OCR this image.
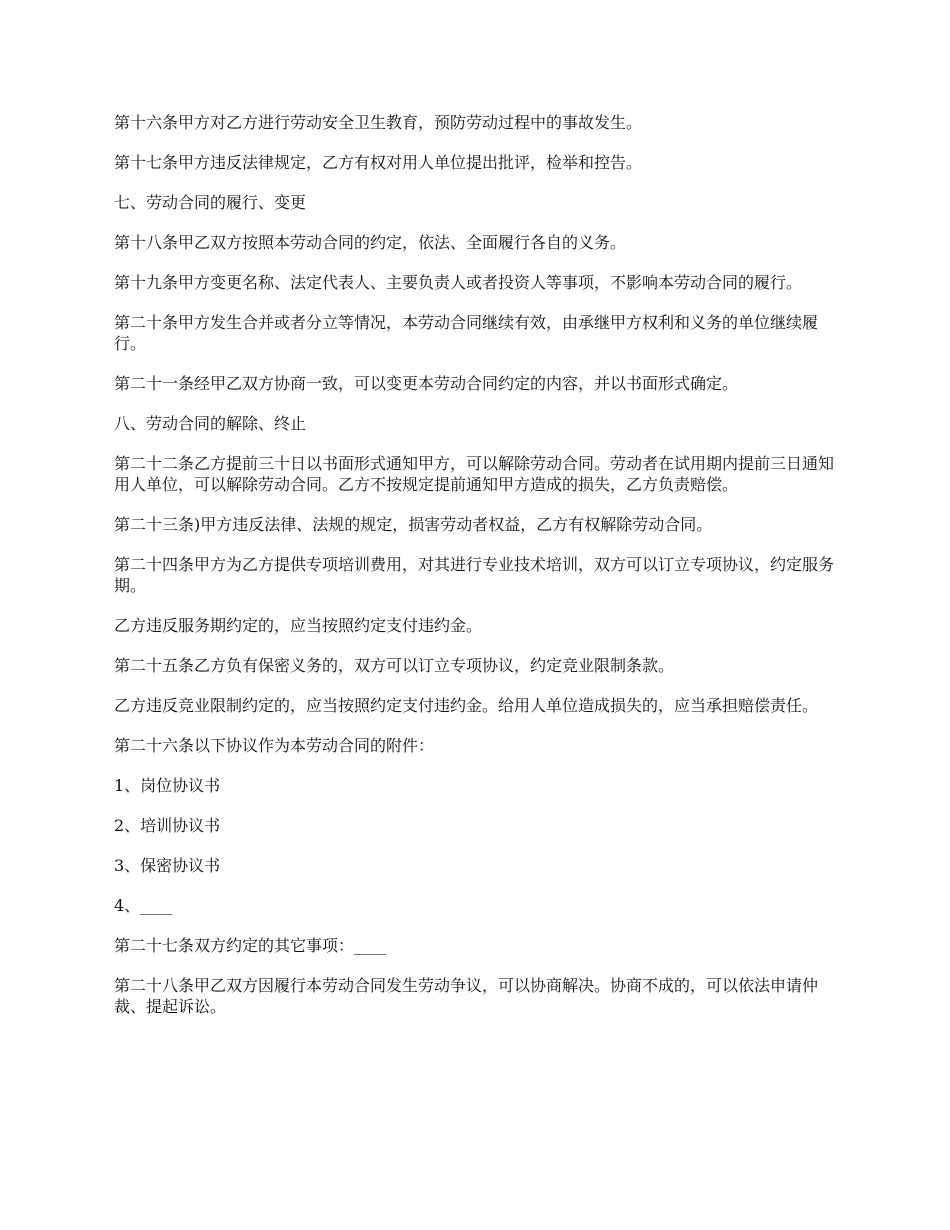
第十六条甲方对乙方进行劳动安全卫生教育，预防劳动过程中的事故发生。

第十七条甲方违反法律规定，乙方有权对用人单位提出批评，检举和控告。

七、劳动合同的履行、变更

第十八条甲乙双方按照本劳动合同的约定，依法、全面履行各自的义务。

第十九条甲方变更名称、法定代表人、主要负责人或者投资人等事项，不影响本劳动合同的履行。

第二十条甲方发生合并或者分立等情况，本劳动合同继续有效，由承继甲方权利和义务的单位继续履行。

第二十一条经甲乙双方协商一致，可以变更本劳动合同约定的内容，并以书面形式确定。

八、劳动合同的解除、终止

第二十二条乙方提前三十日以书面形式通知甲方，可以解除劳动合同。劳动者在试用期内提前三日通知用人单位，可以解除劳动合同。乙方不按规定提前通知甲方造成的损失，乙方负责赔偿。

第二十三条)甲方违反法律、法规的规定，损害劳动者权益，乙方有权解除劳动合同。

第二十四条甲方为乙方提供专项培训费用，对其进行专业技术培训，双方可以订立专项协议，约定服务期。

乙方违反服务期约定的，应当按照约定支付违约金。

第二十五条乙方负有保密义务的，双方可以订立专项协议，约定竞业限制条款。

乙方违反竞业限制约定的，应当按照约定支付违约金。给用人单位造成损失的，应当承担赔偿责任。

第二十六条以下协议作为本劳动合同的附件：

1、岗位协议书

2、培训协议书

3、保密协议书

4、____

第二十七条双方约定的其它事项：____

第二十八条甲乙双方因履行本劳动合同发生劳动争议，可以协商解决。协商不成的，可以依法申请仲裁、提起诉讼。
